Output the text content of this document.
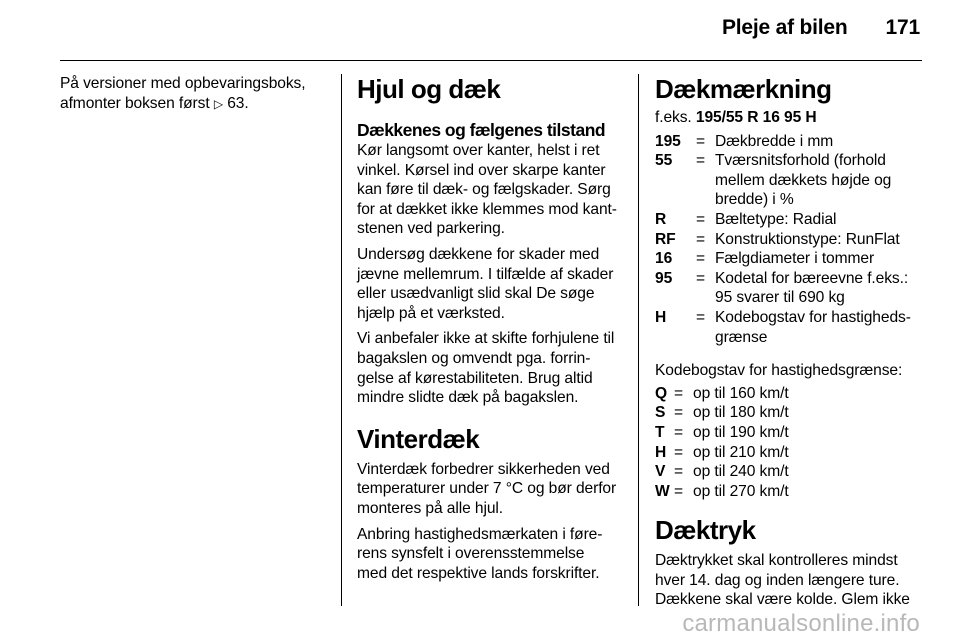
Pleje af bilen 171
På versioner med opbevaringsboks,
afmonter boksen først ▷ 63.	Hjul og dæk
Dækkenes og fælgenes tilstand

Kør langsomt over kanter, helst i ret
vinkel. Kørsel ind over skarpe kanter
kan føre til dæk- og fælgskader. Sørg
for at dækket ikke klemmes mod kant-
stenen ved parkering.

Undersøg dækkene for skader med
jævne mellemrum. I tilfælde af skader
eller usædvanligt slid skal De søge
hjælp på et værksted.

Vi anbefaler ikke at skifte forhjulene til
bagakslen og omvendt pga. forrin-
gelse af kørestabiliteten. Brug altid
mindre slidte dæk på bagakslen.

Vinterdæk

Vinterdæk forbedrer sikkerheden ved
temperaturer under 7 °C og bør derfor
monteres på alle hjul.

Anbring hastighedsmærkaten i føre-
rens synsfelt i overensstemmelse
med det respektive lands forskrifter.

Dækmærkning
f.eks. 195/55 R 16 95 H
195 = Dækbredde i mm
55	= Tværsnitsforhold (forhold
mellem dækkets højde og
bredde) i %
R	= Bæltetype: Radial
RF	= Konstruktionstype: RunFlat
16	= Fælgdiameter i tommer
95	= Kodetal for bæreevne f.eks.:
95 svarer til 690 kg
H	= Kodebogstav for hastigheds-
grænse
Kodebogstav for hastighedsgrænse:
Q = op til 160 km/t
S = op til 180 km/t
T = op til 190 km/t
H = op til 210 km/t
V = op til 240 km/t
W = op til 270 km/t
Dæktryk
Dæktrykket skal kontrolleres mindst
hver 14. dag og inden længere ture.
Dækkene skal være kolde. Glem ikke
carmanualsonline.info
